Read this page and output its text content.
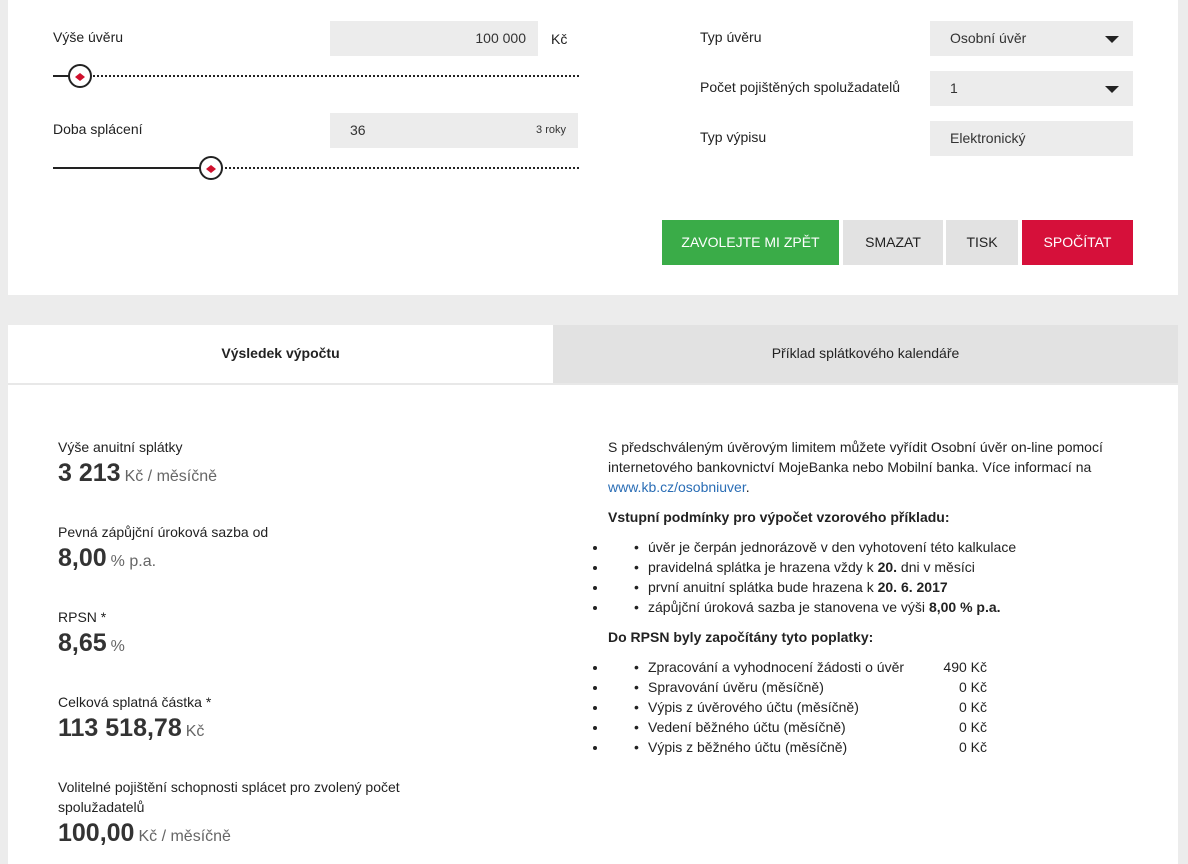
Výše úvěru	100 000	Kč
Doba splácení	36	3 roky
Typ úvěru	Osobní úvěr
Počet pojištěných spolužadatelů	1
Typ výpisu	Elektronický
ZAVOLEJTE MI ZPĚT	SMAZAT	TISK	SPOČÍTAT
Výsledek výpočtu	Příklad splátkového kalendáře
Výše anuitní splátky
3 213 Kč / měsíčně
Pevná zápůjční úroková sazba od
8,00 % p.a.
RPSN *
8,65 %
Celková splatná částka *
113 518,78 Kč
Volitelné pojištění schopnosti splácet pro zvolený počet spolužadatelů
100,00 Kč / měsíčně
S předschváleným úvěrovým limitem můžete vyřídit Osobní úvěr on-line pomocí internetového bankovnictví MojeBanka nebo Mobilní banka. Více informací na www.kb.cz/osobniuver.
Vstupní podmínky pro výpočet vzorového příkladu:
• • úvěr je čerpán jednorázově v den vyhotovení této kalkulace
• • pravidelná splátka je hrazena vždy k 20. dni v měsíci
• • první anuitní splátka bude hrazena k 20. 6. 2017
• • zápůjční úroková sazba je stanovena ve výši 8,00 % p.a.
Do RPSN byly započítány tyto poplatky:
• • Zpracování a vyhodnocení žádosti o úvěr	490 Kč
• • Spravování úvěru (měsíčně)	0 Kč
• • Výpis z úvěrového účtu (měsíčně)	0 Kč
• • Vedení běžného účtu (měsíčně)	0 Kč
• • Výpis z běžného účtu (měsíčně)	0 Kč
